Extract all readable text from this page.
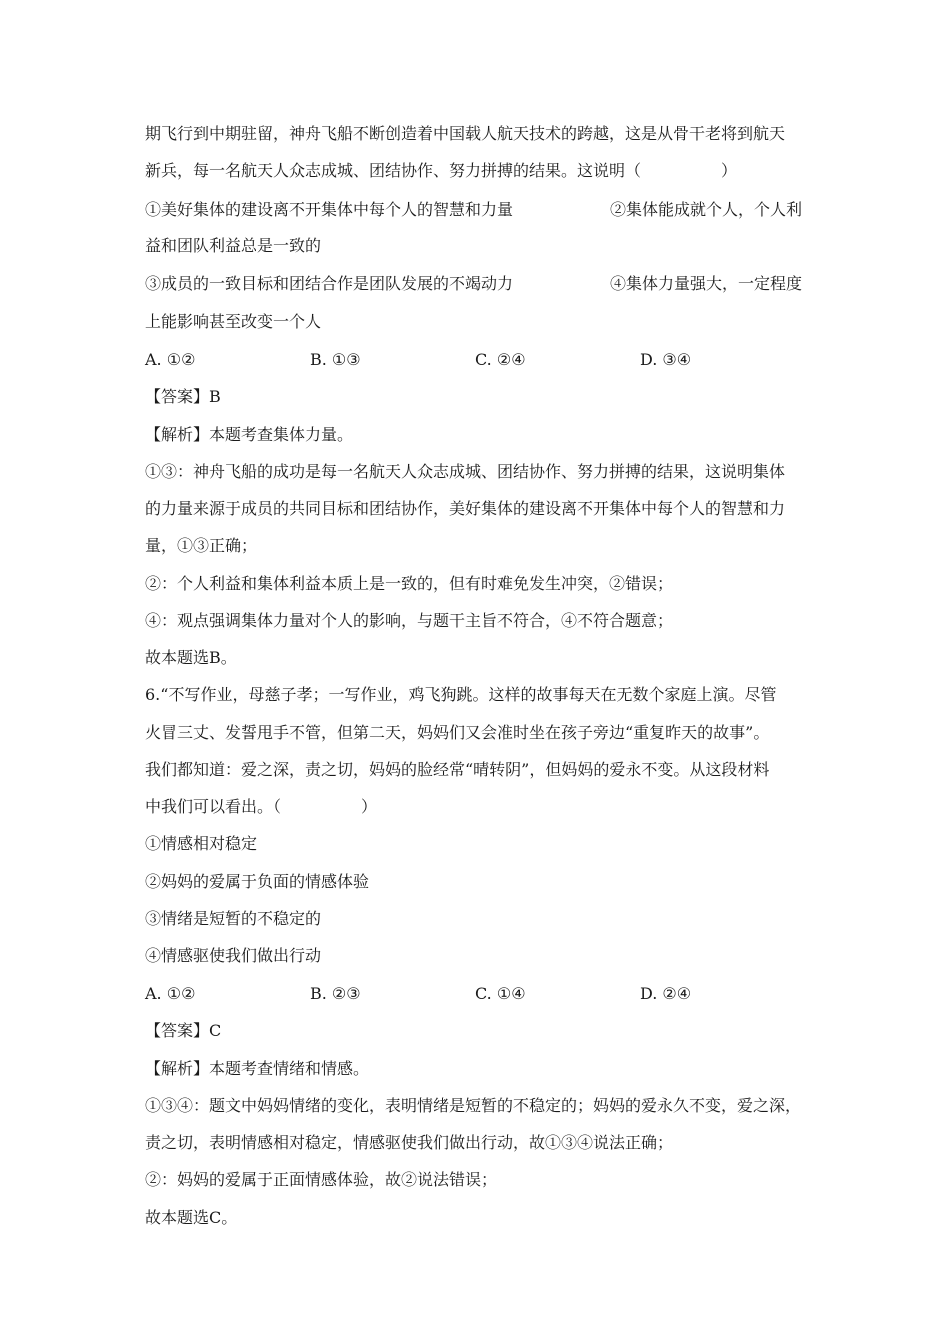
期飞行到中期驻留，神舟飞船不断创造着中国载人航天技术的跨越，这是从骨干老将到航天
新兵，每一名航天人众志成城、团结协作、努力拼搏的结果。这说明（　　　　　）
①美好集体的建设离不开集体中每个人的智慧和力量	②集体能成就个人，个人利
益和团队利益总是一致的
③成员的一致目标和团结合作是团队发展的不竭动力	④集体力量强大，一定程度
上能影响甚至改变一个人
A. ①②	B. ①③	C. ②④	D. ③④
【答案】B
【解析】本题考查集体力量。
①③：神舟飞船的成功是每一名航天人众志成城、团结协作、努力拼搏的结果，这说明集体
的力量来源于成员的共同目标和团结协作，美好集体的建设离不开集体中每个人的智慧和力
量，①③正确；
②：个人利益和集体利益本质上是一致的，但有时难免发生冲突，②错误；
④：观点强调集体力量对个人的影响，与题干主旨不符合，④不符合题意；
故本题选B。
6.“不写作业，母慈子孝；一写作业，鸡飞狗跳。这样的故事每天在无数个家庭上演。尽管
火冒三丈、发誓甩手不管，但第二天，妈妈们又会准时坐在孩子旁边“重复昨天的故事”。
我们都知道：爱之深，责之切，妈妈的脸经常“晴转阴”，但妈妈的爱永不变。从这段材料
中我们可以看出。（　　　　　）
①情感相对稳定
②妈妈的爱属于负面的情感体验
③情绪是短暂的不稳定的
④情感驱使我们做出行动
A. ①②	B. ②③	C. ①④	D. ②④
【答案】C
【解析】本题考查情绪和情感。
①③④：题文中妈妈情绪的变化，表明情绪是短暂的不稳定的；妈妈的爱永久不变，爱之深，
责之切，表明情感相对稳定，情感驱使我们做出行动，故①③④说法正确；
②：妈妈的爱属于正面情感体验，故②说法错误；
故本题选C。
